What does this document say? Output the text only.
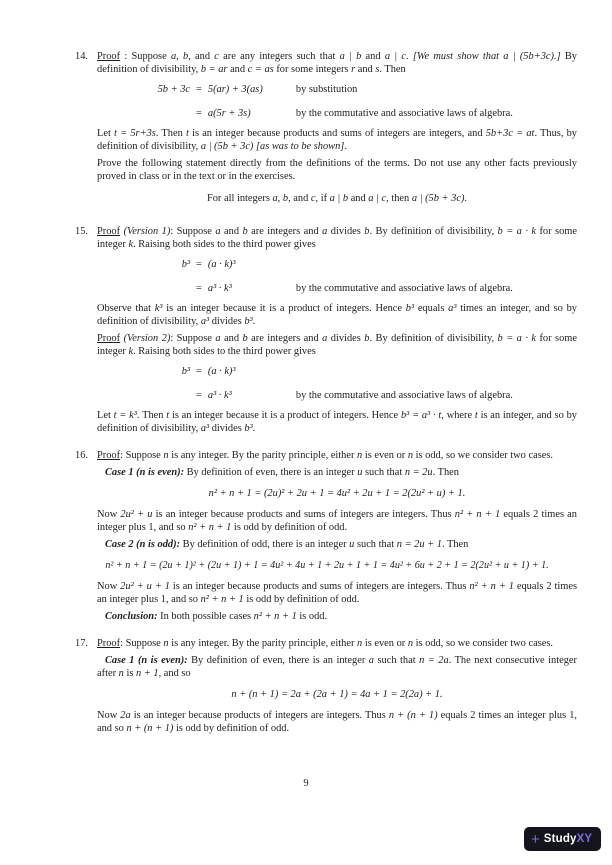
14. Proof : Suppose a, b, and c are any integers such that a | b and a | c. [We must show that a | (5b+3c).] By definition of divisibility, b = ar and c = as for some integers r and s. Then
5b + 3c = 5(ar) + 3(as)	by substitution
= a(5r + 3s)	by the commutative and associative laws of algebra.
Let t = 5r+3s. Then t is an integer because products and sums of integers are integers, and 5b+3c = at. Thus, by definition of divisibility, a | (5b + 3c) [as was to be shown].
Prove the following statement directly from the definitions of the terms. Do not use any other facts previously proved in class or in the text or in the exercises.
For all integers a, b, and c, if a | b and a | c, then a | (5b + 3c).
15. Proof (Version 1): Suppose a and b are integers and a divides b. By definition of divisibility, b = a · k for some integer k. Raising both sides to the third power gives
b³ = (a · k)³
= a³ · k³	by the commutative and associative laws of algebra.
Observe that k³ is an integer because it is a product of integers. Hence b³ equals a³ times an integer, and so by definition of divisibility, a³ divides b³.
Proof (Version 2): Suppose a and b are integers and a divides b. By definition of divisibility, b = a · k for some integer k. Raising both sides to the third power gives
b³ = (a · k)³
= a³ · k³	by the commutative and associative laws of algebra.
Let t = k³. Then t is an integer because it is a product of integers. Hence b³ = a³ · t, where t is an integer, and so by definition of divisibility, a³ divides b³.
16. Proof: Suppose n is any integer. By the parity principle, either n is even or n is odd, so we consider two cases.
Case 1 (n is even): By definition of even, there is an integer u such that n = 2u. Then
n² + n + 1 = (2u)² + 2u + 1 = 4u² + 2u + 1 = 2(2u² + u) + 1.
Now 2u² + u is an integer because products and sums of integers are integers. Thus n² + n + 1 equals 2 times an integer plus 1, and so n² + n + 1 is odd by definition of odd.
Case 2 (n is odd): By definition of odd, there is an integer u such that n = 2u + 1. Then
n² + n + 1 = (2u + 1)² + (2u + 1) + 1 = 4u² + 4u + 1 + 2u + 1 + 1 = 4u² + 6u + 2 + 1 = 2(2u² + u + 1) + 1.
Now 2u² + u + 1 is an integer because products and sums of integers are integers. Thus n² + n + 1 equals 2 times an integer plus 1, and so n² + n + 1 is odd by definition of odd.
Conclusion: In both possible cases n² + n + 1 is odd.
17. Proof: Suppose n is any integer. By the parity principle, either n is even or n is odd, so we consider two cases.
Case 1 (n is even): By definition of even, there is an integer a such that n = 2a. The next consecutive integer after n is n + 1, and so
n + (n + 1) = 2a + (2a + 1) = 4a + 1 = 2(2a) + 1.
Now 2a is an integer because products of integers are integers. Thus n + (n + 1) equals 2 times an integer plus 1, and so n + (n + 1) is odd by definition of odd.
9
+ Study XY
